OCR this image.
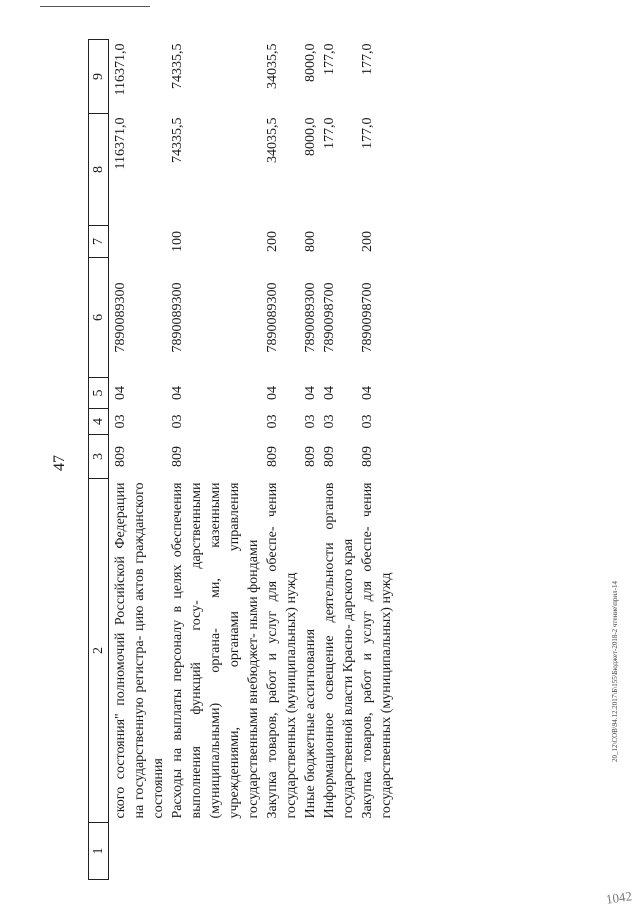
47
1	2	3	4	5	6	7	8	9
	ского состояния" полномочий Российской Федерации на государственную регистра- цию актов гражданского состояния	809	03	04	7890089300		116371,0	116371,0
	Расходы на выплаты персоналу в целях обеспечения выполнения функций госу- дарственными (муниципальными) органа- ми, казенными учреждениями, органами управления государственными внебюджет- ными фондами	809	03	04	7890089300	100	74335,5	74335,5
	Закупка товаров, работ и услуг для обеспе- чения государственных (муниципальных) нужд	809	03	04	7890089300	200	34035,5	34035,5
	Иные бюджетные ассигнования	809	03	04	7890089300	800	8000,0	8000,0
	Информационное освещение деятельности органов государственной власти Красно- дарского края	809	03	04	7890098700		177,0	177,0
	Закупка товаров, работ и услуг для обеспе- чения государственных (муниципальных) нужд	809	03	04	7890098700	200	177,0	177,0
20_12\СОВ\94.12.2017\Б\155\Бюджет-2018-2 чтение\прил-14
1042
